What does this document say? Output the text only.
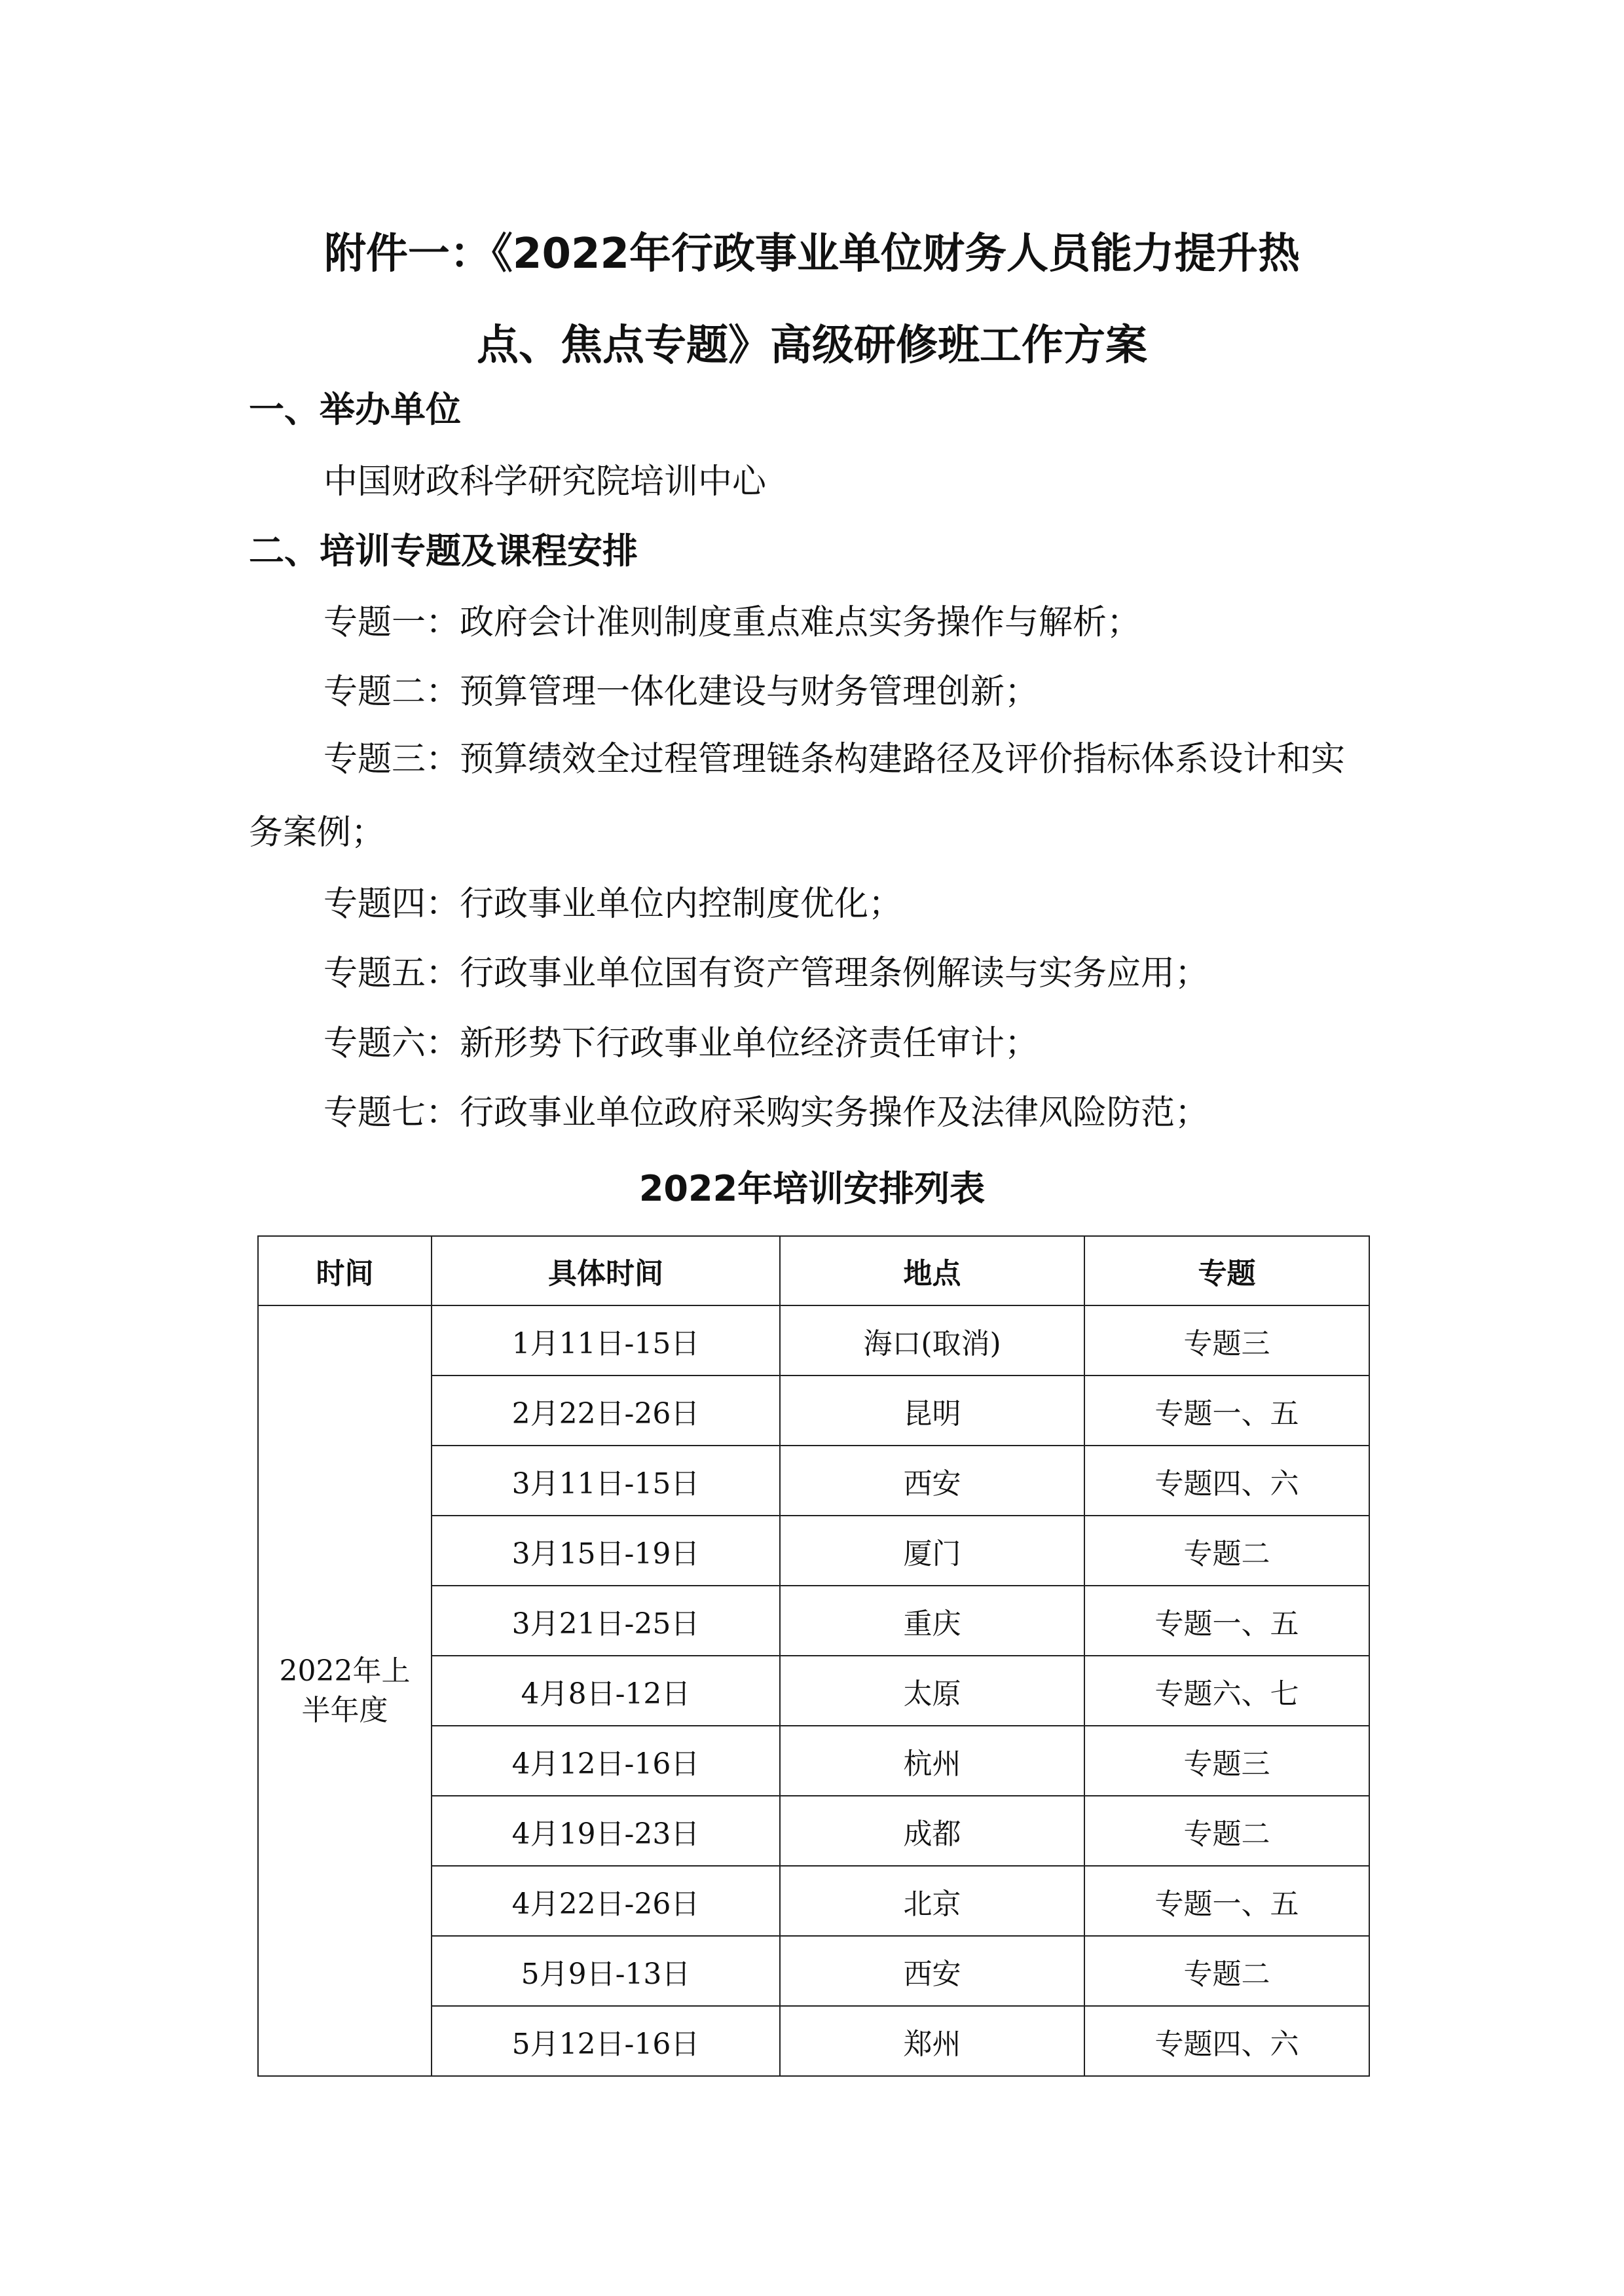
附件一：《2022年行政事业单位财务人员能力提升热
点、焦点专题》高级研修班工作方案
一、举办单位

中国财政科学研究院培训中心

二、培训专题及课程安排

专题一：政府会计准则制度重点难点实务操作与解析；

专题二：预算管理一体化建设与财务管理创新；

专题三：预算绩效全过程管理链条构建路径及评价指标体系设计和实务案例；

专题四：行政事业单位内控制度优化；

专题五：行政事业单位国有资产管理条例解读与实务应用；

专题六：新形势下行政事业单位经济责任审计；

专题七：行政事业单位政府采购实务操作及法律风险防范；

2022年培训安排列表

时间	具体时间	地点	专题
2022年上半年度	1月11日-15日	海口(取消)	专题三
	2月22日-26日	昆明	专题一、五
	3月11日-15日	西安	专题四、六
	3月15日-19日	厦门	专题二
	3月21日-25日	重庆	专题一、五
	4月8日-12日	太原	专题六、七
	4月12日-16日	杭州	专题三
	4月19日-23日	成都	专题二
	4月22日-26日	北京	专题一、五
	5月9日-13日	西安	专题二
	5月12日-16日	郑州	专题四、六
